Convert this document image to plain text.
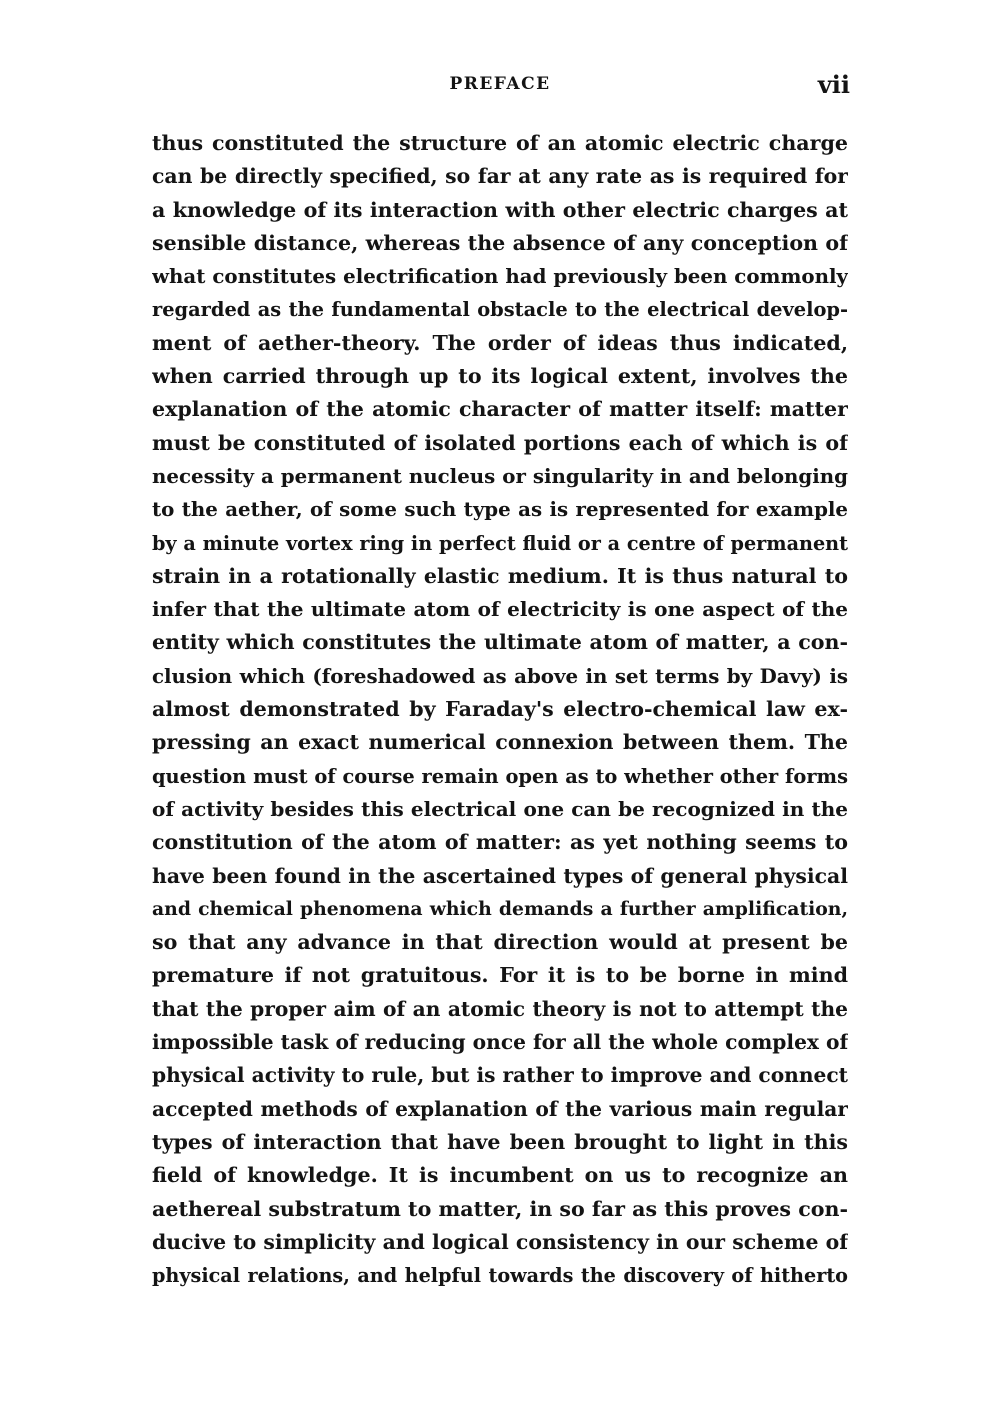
PREFACE	vii
thus constituted the structure of an atomic electric charge
can be directly specified, so far at any rate as is required for
a knowledge of its interaction with other electric charges at
sensible distance, whereas the absence of any conception of
what constitutes electrification had previously been commonly
regarded as the fundamental obstacle to the electrical develop-
ment of aether-theory. The order of ideas thus indicated,
when carried through up to its logical extent, involves the
explanation of the atomic character of matter itself: matter
must be constituted of isolated portions each of which is of
necessity a permanent nucleus or singularity in and belonging
to the aether, of some such type as is represented for example
by a minute vortex ring in perfect fluid or a centre of permanent
strain in a rotationally elastic medium. It is thus natural to
infer that the ultimate atom of electricity is one aspect of the
entity which constitutes the ultimate atom of matter, a con-
clusion which (foreshadowed as above in set terms by Davy) is
almost demonstrated by Faraday's electro-chemical law ex-
pressing an exact numerical connexion between them. The
question must of course remain open as to whether other forms
of activity besides this electrical one can be recognized in the
constitution of the atom of matter: as yet nothing seems to
have been found in the ascertained types of general physical
and chemical phenomena which demands a further amplification,
so that any advance in that direction would at present be
premature if not gratuitous. For it is to be borne in mind
that the proper aim of an atomic theory is not to attempt the
impossible task of reducing once for all the whole complex of
physical activity to rule, but is rather to improve and connect
accepted methods of explanation of the various main regular
types of interaction that have been brought to light in this
field of knowledge. It is incumbent on us to recognize an
aethereal substratum to matter, in so far as this proves con-
ducive to simplicity and logical consistency in our scheme of
physical relations, and helpful towards the discovery of hitherto
